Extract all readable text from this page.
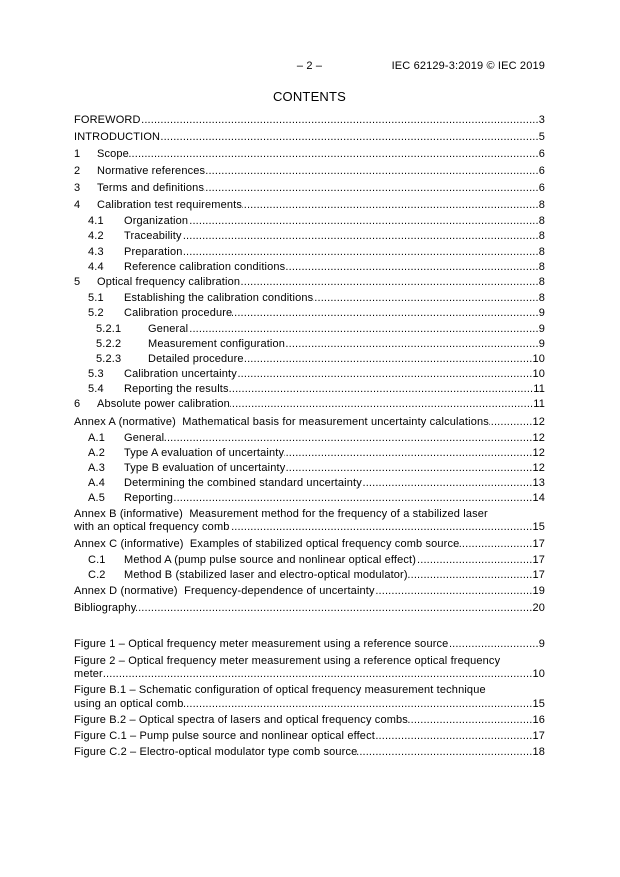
– 2 –	IEC 62129-3:2019 © IEC 2019
CONTENTS
FOREWORD .....	3
INTRODUCTION .....	5
1	Scope .....	6
2	Normative references .....	6
3	Terms and definitions .....	6
4	Calibration test requirements .....	8
4.1	Organization .....	8
4.2	Traceability .....	8
4.3	Preparation .....	8
4.4	Reference calibration conditions .....	8
5	Optical frequency calibration .....	8
5.1	Establishing the calibration conditions .....	8
5.2	Calibration procedure .....	9
5.2.1	General .....	9
5.2.2	Measurement configuration .....	9
5.2.3	Detailed procedure .....	10
5.3	Calibration uncertainty .....	10
5.4	Reporting the results .....	11
6	Absolute power calibration .....	11
Annex A (normative)  Mathematical basis for measurement uncertainty calculations .....	12
A.1	General .....	12
A.2	Type A evaluation of uncertainty .....	12
A.3	Type B evaluation of uncertainty .....	12
A.4	Determining the combined standard uncertainty .....	13
A.5	Reporting .....	14
Annex B (informative)  Measurement method for the frequency of a stabilized laser
with an optical frequency comb .....	15
Annex C (informative)  Examples of stabilized optical frequency comb source .....	17
C.1	Method A (pump pulse source and nonlinear optical effect) .....	17
C.2	Method B (stabilized laser and electro-optical modulator) .....	17
Annex D (normative)  Frequency-dependence of uncertainty .....	19
Bibliography .....	20
Figure 1 – Optical frequency meter measurement using a reference source .....	9
Figure 2 – Optical frequency meter measurement using a reference optical frequency
meter .....	10
Figure B.1 – Schematic configuration of optical frequency measurement technique
using an optical comb .....	15
Figure B.2 – Optical spectra of lasers and optical frequency combs .....	16
Figure C.1 – Pump pulse source and nonlinear optical effect .....	17
Figure C.2 – Electro-optical modulator type comb source .....	18
